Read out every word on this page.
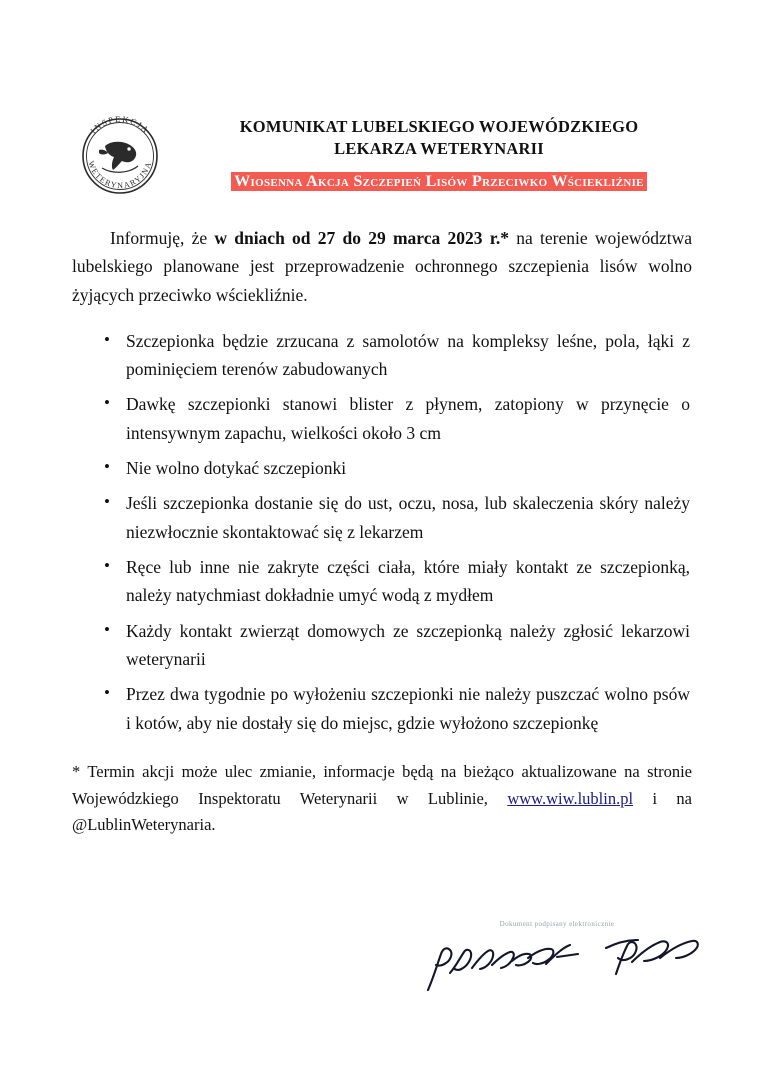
INSPEKCJA
WETERYNARYJNA
KOMUNIKAT LUBELSKIEGO WOJEWÓDZKIEGO
LEKARZA WETERYNARII
Wiosenna Akcja Szczepień Lisów Przeciwko Wściekliźnie

Informuję, że w dniach od 27 do 29 marca 2023 r.* na terenie województwa lubelskiego planowane jest przeprowadzenie ochronnego szczepienia lisów wolno żyjących przeciwko wściekliźnie.

• Szczepionka będzie zrzucana z samolotów na kompleksy leśne, pola, łąki z pominięciem terenów zabudowanych
• Dawkę szczepionki stanowi blister z płynem, zatopiony w przynęcie o intensywnym zapachu, wielkości około 3 cm
• Nie wolno dotykać szczepionki
• Jeśli szczepionka dostanie się do ust, oczu, nosa, lub skaleczenia skóry należy niezwłocznie skontaktować się z lekarzem
• Ręce lub inne nie zakryte części ciała, które miały kontakt ze szczepionką, należy natychmiast dokładnie umyć wodą z mydłem
• Każdy kontakt zwierząt domowych ze szczepionką należy zgłosić lekarzowi weterynarii
• Przez dwa tygodnie po wyłożeniu szczepionki nie należy puszczać wolno psów i kotów, aby nie dostały się do miejsc, gdzie wyłożono szczepionkę

* Termin akcji może ulec zmianie, informacje będą na bieżąco aktualizowane na stronie Wojewódzkiego Inspektoratu Weterynarii w Lublinie, www.wiw.lublin.pl i na @LublinWeterynaria.

Dokument podpisany elektronicznie
